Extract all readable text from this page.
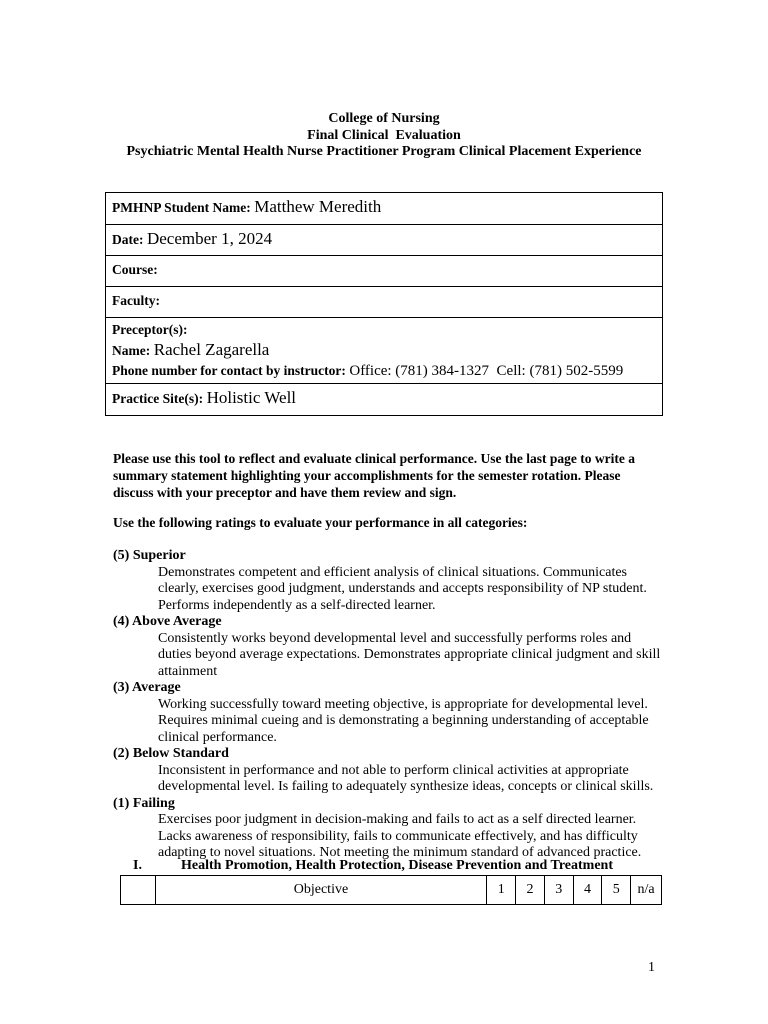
College of Nursing
Final Clinical  Evaluation
Psychiatric Mental Health Nurse Practitioner Program Clinical Placement Experience
PMHNP Student Name: Matthew Meredith
Date: December 1, 2024
Course:
Faculty:

Preceptor(s):
Name: Rachel Zagarella
Phone number for contact by instructor: Office: (781) 384-1327  Cell: (781) 502-5599

Practice Site(s): Holistic Well
Please use this tool to reflect and evaluate clinical performance. Use the last page to write a summary statement highlighting your accomplishments for the semester rotation. Please discuss with your preceptor and have them review and sign.
Use the following ratings to evaluate your performance in all categories:
(5) Superior
Demonstrates competent and efficient analysis of clinical situations. Communicates
clearly, exercises good judgment, understands and accepts responsibility of NP student.
Performs independently as a self-directed learner.
(4) Above Average
Consistently works beyond developmental level and successfully performs roles and
duties beyond average expectations. Demonstrates appropriate clinical judgment and skill
attainment
(3) Average
Working successfully toward meeting objective, is appropriate for developmental level.
Requires minimal cueing and is demonstrating a beginning understanding of acceptable
clinical performance.
(2) Below Standard
Inconsistent in performance and not able to perform clinical activities at appropriate
developmental level. Is failing to adequately synthesize ideas, concepts or clinical skills.
(1) Failing
Exercises poor judgment in decision-making and fails to act as a self directed learner.
Lacks awareness of responsibility, fails to communicate effectively, and has difficulty
adapting to novel situations. Not meeting the minimum standard of advanced practice.
I.	Health Promotion, Health Protection, Disease Prevention and Treatment
	Objective	1	2	3	4	5	n/a
1
